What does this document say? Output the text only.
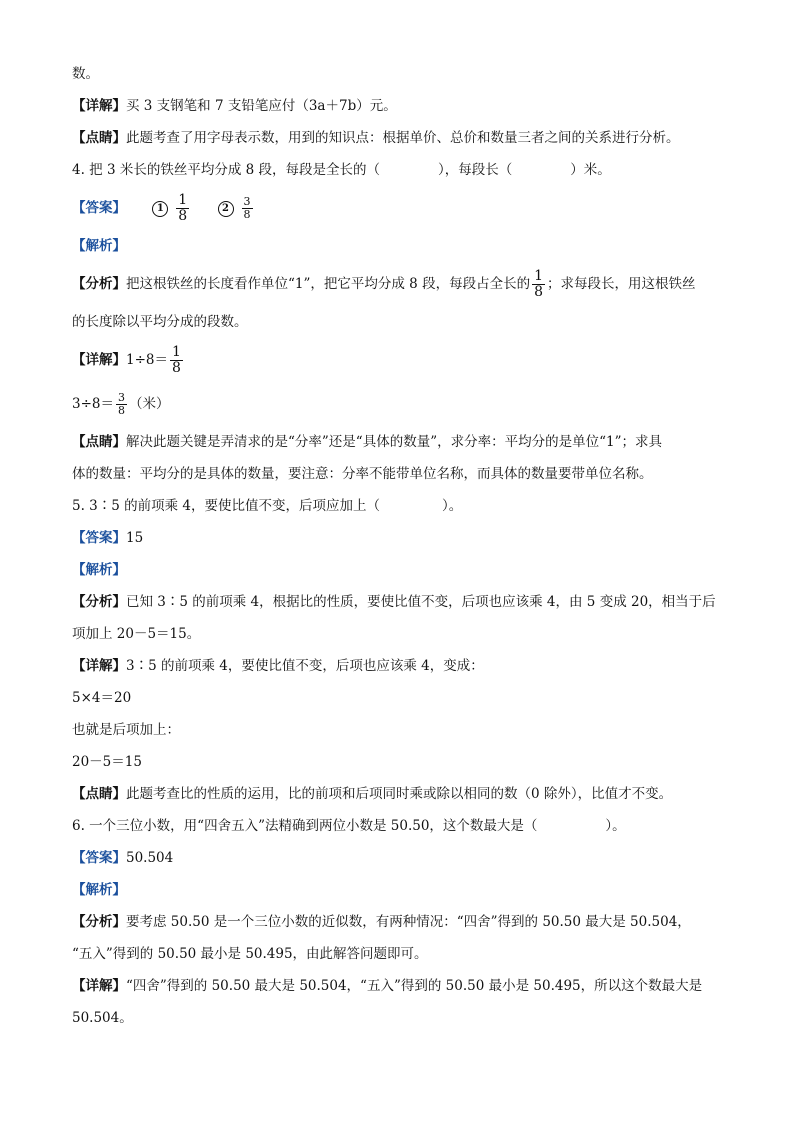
数。
【详解】买 3 支钢笔和 7 支铅笔应付（3a＋7b）元。
【点睛】此题考查了用字母表示数，用到的知识点：根据单价、总价和数量三者之间的关系进行分析。
4. 把 3 米长的铁丝平均分成 8 段，每段是全长的（	），每段长（	）米。
【答案】	$1 \frac{1}{8}$	$2 \frac{3}{8}$
【解析】
【分析】把这根铁丝的长度看作单位“1”，把它平均分成 8 段，每段占全长的 $\frac{1}{8}$ ；求每段长，用这根铁丝
的长度除以平均分成的段数。
【详解】$1\div 8= \frac{1}{8}$
$3\div 8= \frac{3}{8}$ （米）
【点睛】解决此题关键是弄清求的是“分率”还是“具体的数量”，求分率：平均分的是单位“1”；求具
体的数量：平均分的是具体的数量，要注意：分率不能带单位名称，而具体的数量要带单位名称。
5. 3∶5 的前项乘 4，要使比值不变，后项应加上（	）。
【答案】15
【解析】
【分析】已知 3∶5 的前项乘 4，根据比的性质，要使比值不变，后项也应该乘 4，由 5 变成 20，相当于后
项加上 20－5＝15。
【详解】3∶5 的前项乘 4，要使比值不变，后项也应该乘 4，变成：
5×4＝20
也就是后项加上：
20－5＝15
【点睛】此题考查比的性质的运用，比的前项和后项同时乘或除以相同的数（0 除外），比值才不变。
6. 一个三位小数，用“四舍五入”法精确到两位小数是 50.50，这个数最大是（	）。
【答案】50.504
【解析】
【分析】要考虑 50.50 是一个三位小数的近似数，有两种情况：“四舍”得到的 50.50 最大是 50.504，
“五入”得到的 50.50 最小是 50.495，由此解答问题即可。
【详解】“四舍”得到的 50.50 最大是 50.504，“五入”得到的 50.50 最小是 50.495，所以这个数最大是
50.504。
